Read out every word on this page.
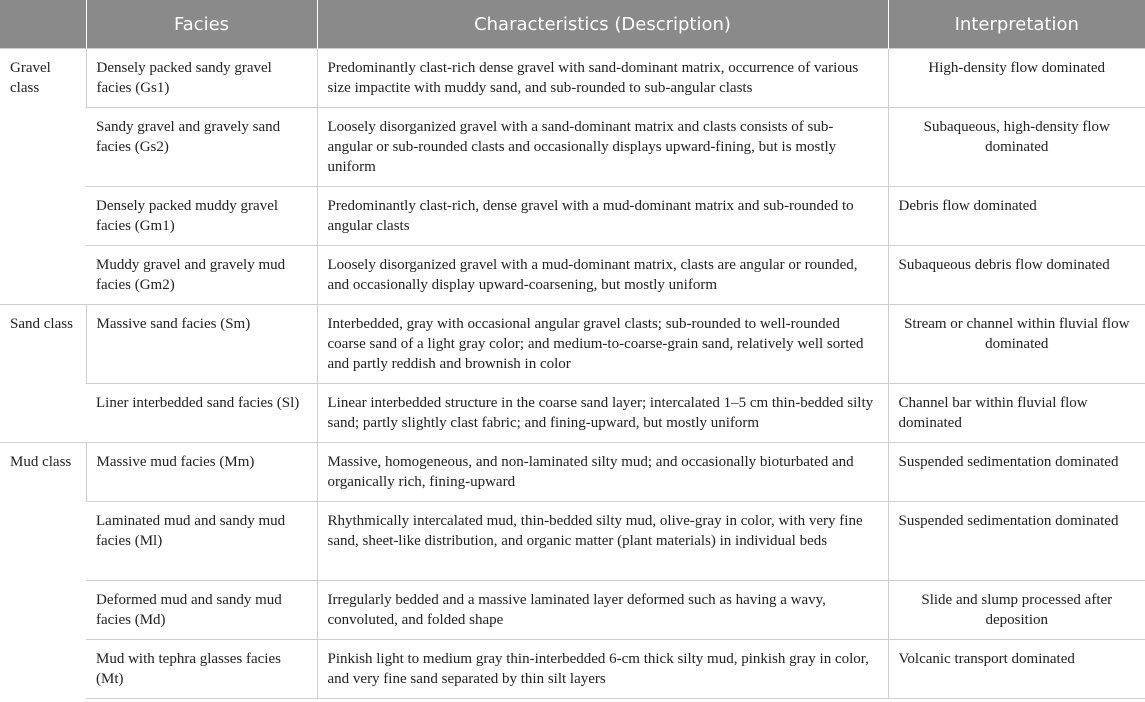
	Facies	Characteristics (Description)	Interpretation
Gravel class	Densely packed sandy gravel facies (Gs1)	Predominantly clast-rich dense gravel with sand-dominant matrix, occurrence of various size impactite with muddy sand, and sub-rounded to sub-angular clasts	High-density flow dominated
	Sandy gravel and gravely sand facies (Gs2)	Loosely disorganized gravel with a sand-dominant matrix and clasts consists of sub-angular or sub-rounded clasts and occasionally displays upward-fining, but is mostly uniform	Subaqueous, high-density flow dominated
	Densely packed muddy gravel facies (Gm1)	Predominantly clast-rich, dense gravel with a mud-dominant matrix and sub-rounded to angular clasts	Debris flow dominated
	Muddy gravel and gravely mud facies (Gm2)	Loosely disorganized gravel with a mud-dominant matrix, clasts are angular or rounded, and occasionally display upward-coarsening, but mostly uniform	Subaqueous debris flow dominated
Sand class	Massive sand facies (Sm)	Interbedded, gray with occasional angular gravel clasts; sub-rounded to well-rounded coarse sand of a light gray color; and medium-to-coarse-grain sand, relatively well sorted and partly reddish and brownish in color	Stream or channel within fluvial flow dominated
	Liner interbedded sand facies (Sl)	Linear interbedded structure in the coarse sand layer; intercalated 1–5 cm thin-bedded silty sand; partly slightly clast fabric; and fining-upward, but mostly uniform	Channel bar within fluvial flow dominated
Mud class	Massive mud facies (Mm)	Massive, homogeneous, and non-laminated silty mud; and occasionally bioturbated and organically rich, fining-upward	Suspended sedimentation dominated
	Laminated mud and sandy mud facies (Ml)	Rhythmically intercalated mud, thin-bedded silty mud, olive-gray in color, with very fine sand, sheet-like distribution, and organic matter (plant materials) in individual beds	Suspended sedimentation dominated
	Deformed mud and sandy mud facies (Md)	Irregularly bedded and a massive laminated layer deformed such as having a wavy, convoluted, and folded shape	Slide and slump processed after deposition
	Mud with tephra glasses facies (Mt)	Pinkish light to medium gray thin-interbedded 6-cm thick silty mud, pinkish gray in color, and very fine sand separated by thin silt layers	Volcanic transport dominated
